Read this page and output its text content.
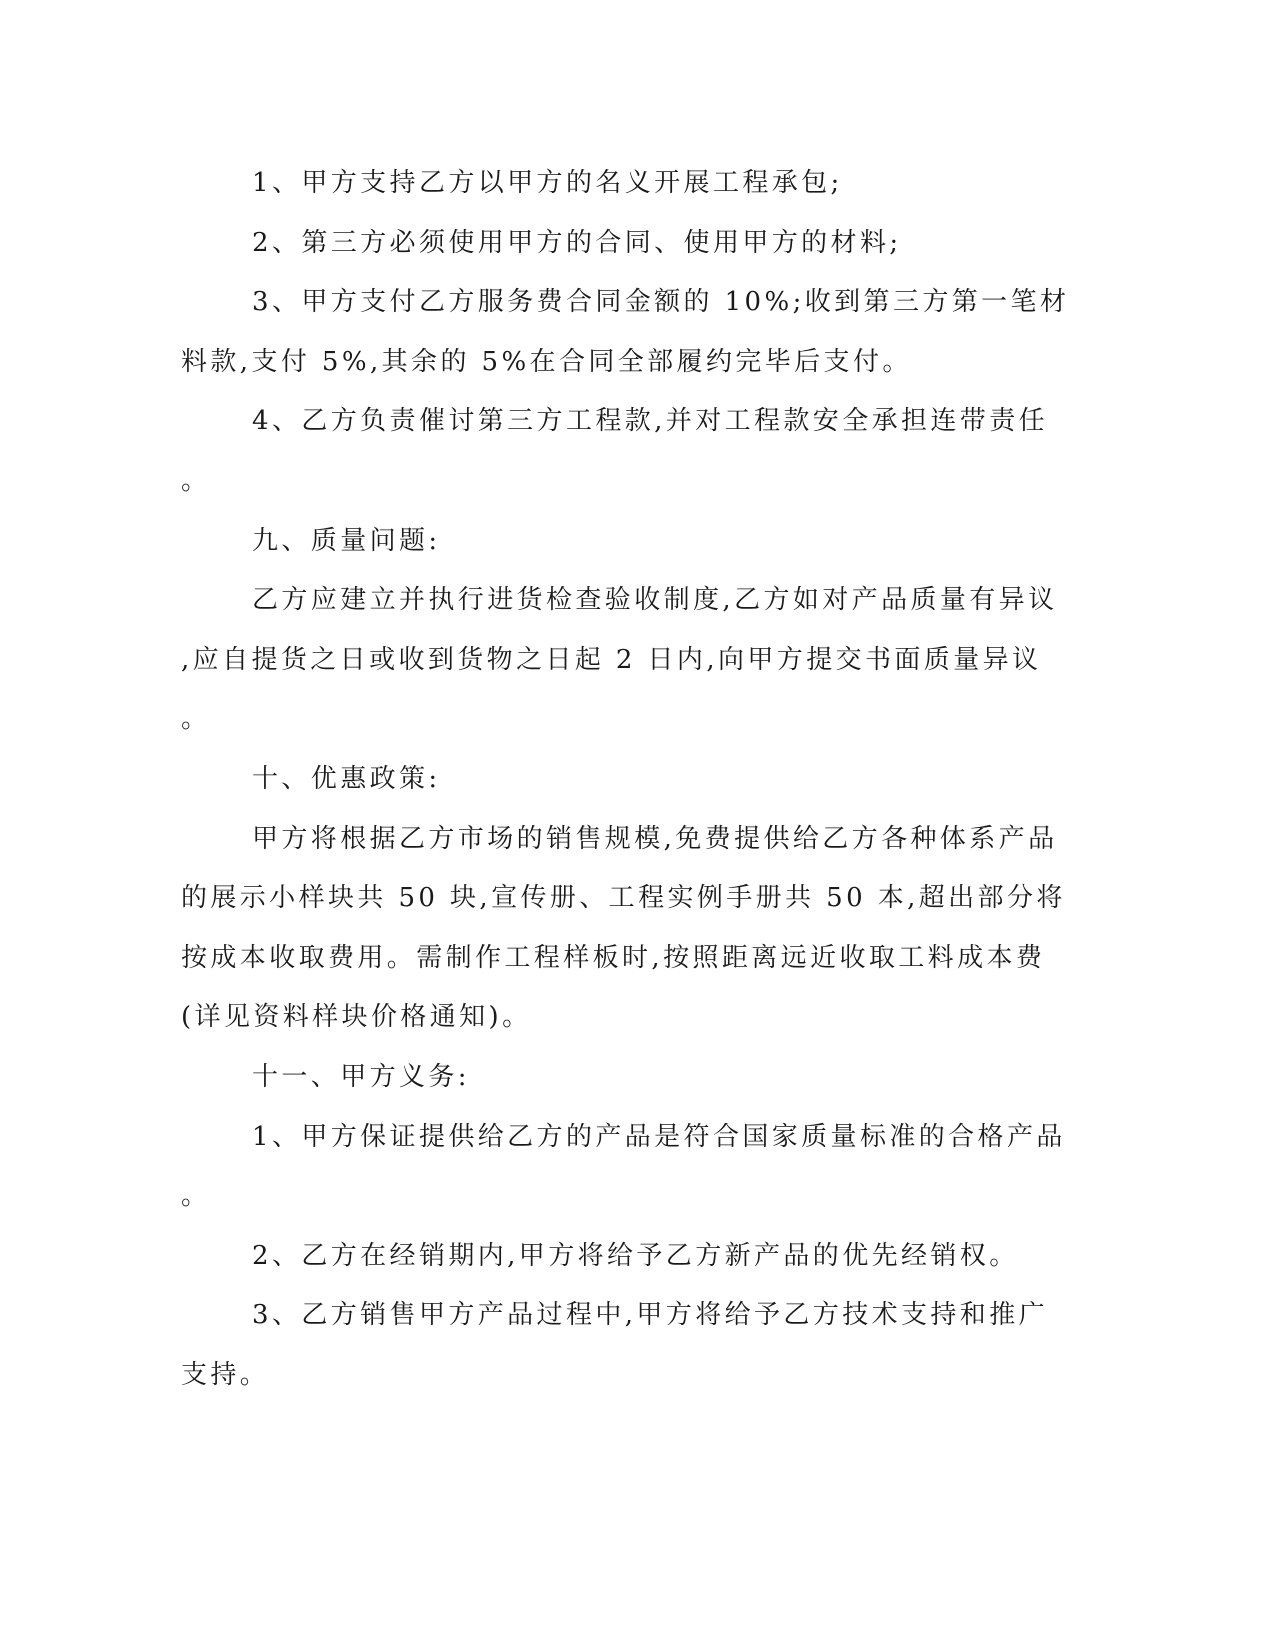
1、甲方支持乙方以甲方的名义开展工程承包;
2、第三方必须使用甲方的合同、使用甲方的材料;
3、甲方支付乙方服务费合同金额的 10%;收到第三方第一笔材
料款,支付 5%,其余的 5%在合同全部履约完毕后支付。
4、乙方负责催讨第三方工程款,并对工程款安全承担连带责任
。
九、质量问题:
乙方应建立并执行进货检查验收制度,乙方如对产品质量有异议
,应自提货之日或收到货物之日起 2 日内,向甲方提交书面质量异议
。
十、优惠政策:
甲方将根据乙方市场的销售规模,免费提供给乙方各种体系产品
的展示小样块共 50 块,宣传册、工程实例手册共 50 本,超出部分将
按成本收取费用。需制作工程样板时,按照距离远近收取工料成本费
(详见资料样块价格通知)。
十一、甲方义务:
1、甲方保证提供给乙方的产品是符合国家质量标准的合格产品
。
2、乙方在经销期内,甲方将给予乙方新产品的优先经销权。
3、乙方销售甲方产品过程中,甲方将给予乙方技术支持和推广
支持。
